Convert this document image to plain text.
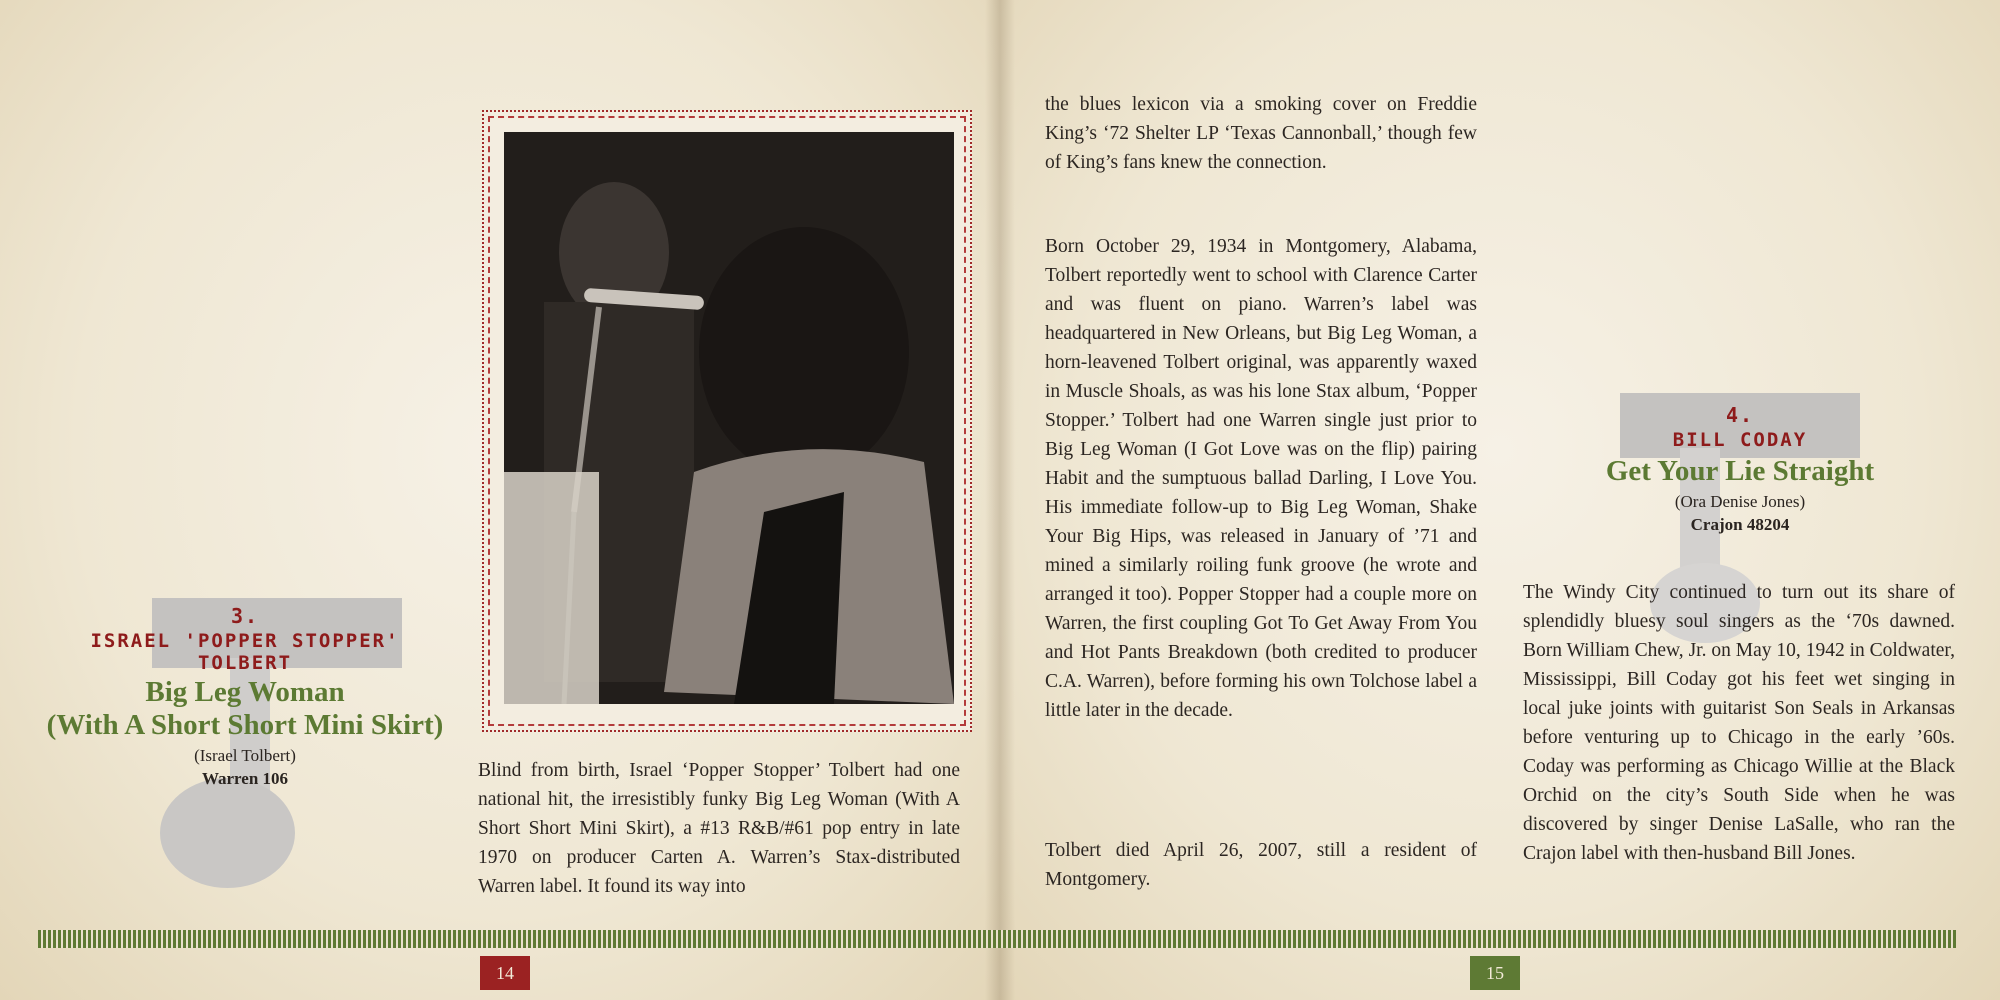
3.
ISRAEL 'POPPER STOPPER' TOLBERT
Big Leg Woman
(With A Short Short Mini Skirt)
(Israel Tolbert)
Warren 106	Blind from birth, Israel ‘Popper Stopper’ Tolbert had one national hit, the irresistibly funky Big Leg Woman (With A Short Short Mini Skirt), a #13 R&B/#61 pop entry in late 1970 on producer Carten A. Warren’s Stax-distributed Warren label. It found its way into
the blues lexicon via a smoking cover on Freddie King’s ‘72 Shelter LP ‘Texas Cannonball,’ though few of King’s fans knew the connection.
Born October 29, 1934 in Montgomery, Alabama, Tolbert reportedly went to school with Clarence Carter and was fluent on piano. Warren’s label was headquartered in New Orleans, but Big Leg Woman, a horn-leavened Tolbert original, was apparently waxed in Muscle Shoals, as was his lone Stax album, ‘Popper Stopper.’ Tolbert had one Warren single just prior to Big Leg Woman (I Got Love was on the flip) pairing Habit and the sumptuous ballad Darling, I Love You. His immediate follow-up to Big Leg Woman, Shake Your Big Hips, was released in January of ’71 and mined a similarly roiling funk groove (he wrote and arranged it too). Popper Stopper had a couple more on Warren, the first coupling Got To Get Away From You and Hot Pants Breakdown (both credited to producer C.A. Warren), before forming his own Tolchose label a little later in the decade.
Tolbert died April 26, 2007, still a resident of Montgomery.
4.
BILL CODAY
Get Your Lie Straight
(Ora Denise Jones)
Crajon 48204
The Windy City continued to turn out its share of splendidly bluesy soul singers as the ‘70s dawned. Born William Chew, Jr. on May 10, 1942 in Coldwater, Mississippi, Bill Coday got his feet wet singing in local juke joints with guitarist Son Seals in Arkansas before venturing up to Chicago in the early ’60s. Coday was performing as Chicago Willie at the Black Orchid on the city’s South Side when he was discovered by singer Denise LaSalle, who ran the Crajon label with then-husband Bill Jones.
14	15
